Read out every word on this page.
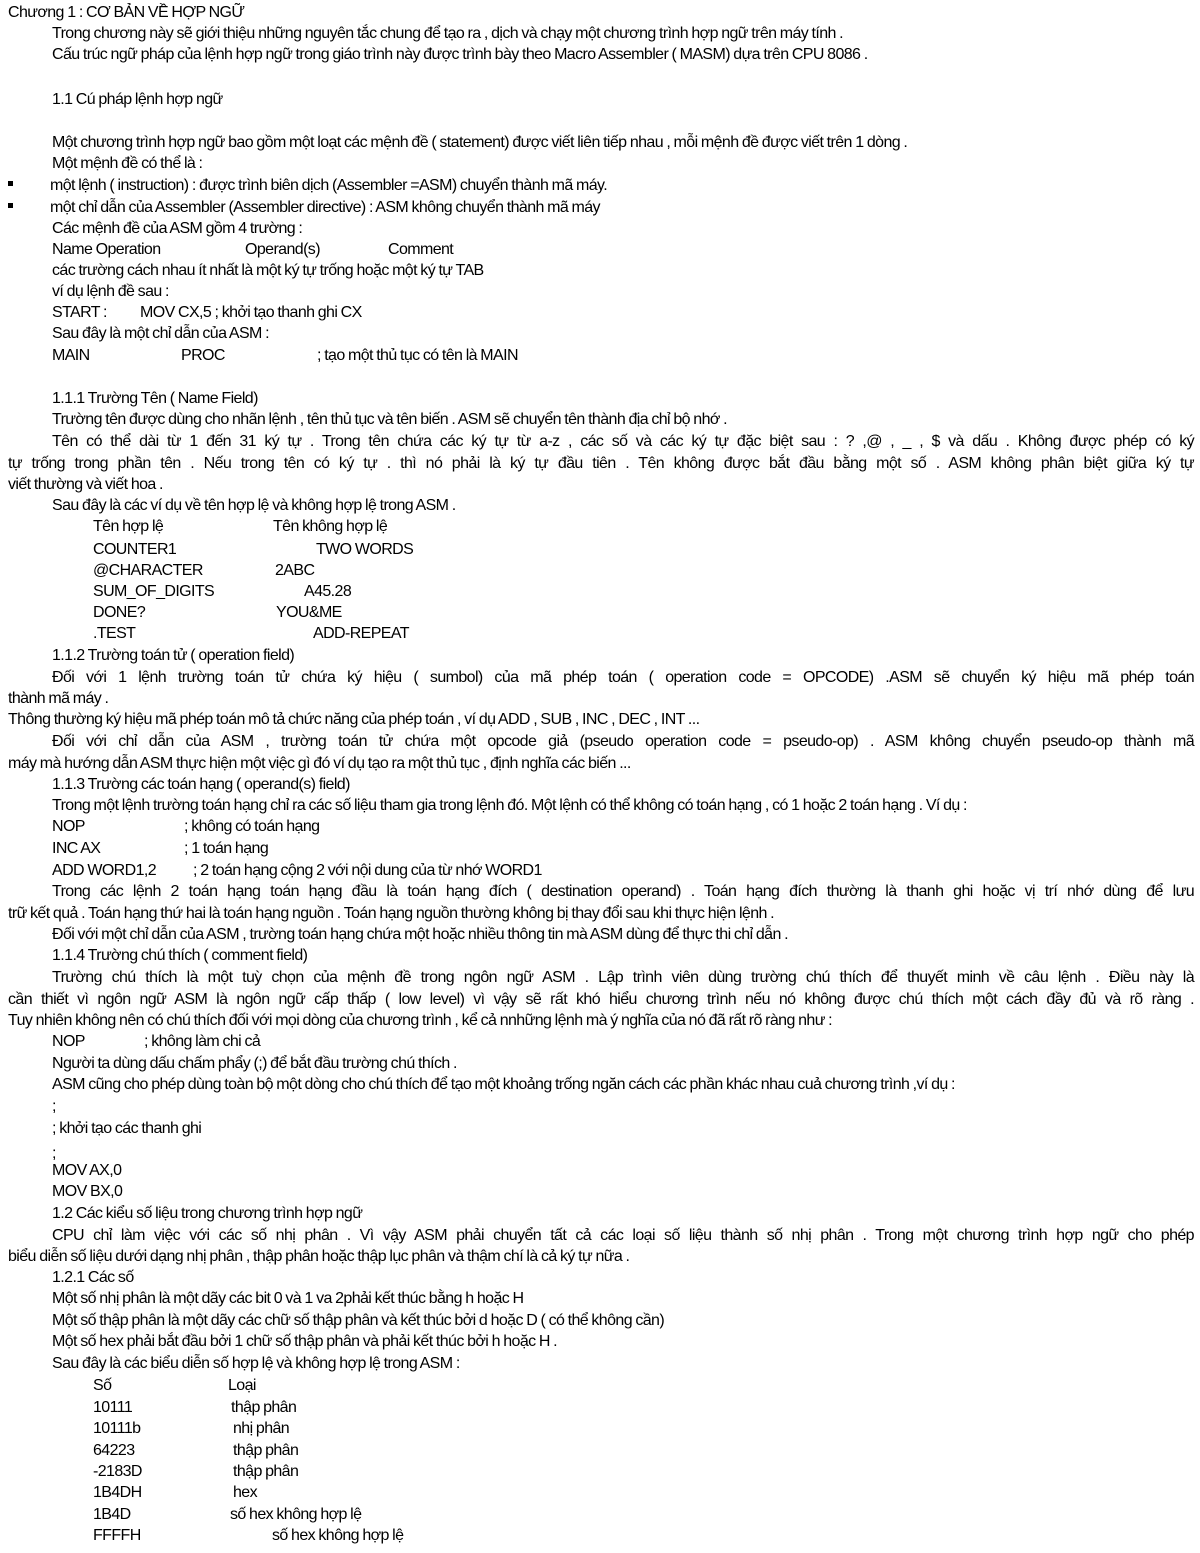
Chương 1 : CƠ BẢN VỀ HỢP NGỮ
Trong chương này sẽ giới thiệu những nguyên tắc chung để tạo ra , dịch và chạy một chương trình hợp ngữ trên máy tính .
Cấu trúc ngữ pháp của lệnh hợp ngữ trong giáo trình này được trình bày theo Macro Assembler ( MASM) dựa trên CPU 8086 .
1.1 Cú pháp lệnh hợp ngữ
Một chương trình hợp ngữ bao gồm một loạt các mệnh đề ( statement) được viết liên tiếp nhau , mỗi mệnh đề được viết trên 1 dòng .
Một mệnh đề có thể là :
một lệnh ( instruction) : được trình biên dịch (Assembler =ASM) chuyển thành mã máy.
một chỉ dẫn của Assembler (Assembler directive) : ASM không chuyển thành mã máy
Các mệnh đề của ASM gồm 4 trường :
Name Operation	Operand(s)	Comment
các trường cách nhau ít nhất là một ký tự trống hoặc một ký tự TAB
ví dụ lệnh đề sau :
START : MOV CX,5 ; khởi tạo thanh ghi CX
Sau đây là một chỉ dẫn của ASM :
MAIN	PROC	; tạo một thủ tục có tên là MAIN
1.1.1 Trường Tên ( Name Field)
Trường tên được dùng cho nhãn lệnh , tên thủ tục và tên biến . ASM sẽ chuyển tên thành địa chỉ bộ nhớ .
Tên có thể dài từ 1 đến 31 ký tự . Trong tên chứa các ký tự từ a-z , các số và các ký tự đặc biệt sau : ? ,@ , _ , $ và dấu . Không được phép có ký
tự trống trong phần tên . Nếu trong tên có ký tự . thì nó phải là ký tự đầu tiên . Tên không được bắt đầu bằng một số . ASM không phân biệt giữa ký tự
viết thường và viết hoa .
Sau đây là các ví dụ về tên hợp lệ và không hợp lệ trong ASM .
Tên hợp lệ	Tên không hợp lệ
COUNTER1	TWO WORDS
@CHARACTER	2ABC
SUM_OF_DIGITS	A45.28
DONE?	YOU&ME
.TEST	ADD-REPEAT
1.1.2 Trường toán tử ( operation field)
Đối với 1 lệnh trường toán tử chứa ký hiệu ( sumbol) của mã phép toán ( operation code = OPCODE) .ASM sẽ chuyển ký hiệu mã phép toán
thành mã máy .
Thông thường ký hiệu mã phép toán mô tả chức năng của phép toán , ví dụ ADD , SUB , INC , DEC , INT ...
Đối với chỉ dẫn của ASM , trường toán tử chứa một opcode giả (pseudo operation code = pseudo-op) . ASM không chuyển pseudo-op thành mã
máy mà hướng dẫn ASM thực hiện một việc gì đó ví dụ tạo ra một thủ tục , định nghĩa các biến ...
1.1.3 Trường các toán hạng ( operand(s) field)
Trong một lệnh trường toán hạng chỉ ra các số liệu tham gia trong lệnh đó. Một lệnh có thể không có toán hạng , có 1 hoặc 2 toán hạng . Ví dụ :
NOP	; không có toán hạng
INC AX	; 1 toán hạng
ADD WORD1,2 ; 2 toán hạng cộng 2 với nội dung của từ nhớ WORD1
Trong các lệnh 2 toán hạng toán hạng đầu là toán hạng đích ( destination operand) . Toán hạng đích thường là thanh ghi hoặc vị trí nhớ dùng để lưu
trữ kết quả . Toán hạng thứ hai là toán hạng nguồn . Toán hạng nguồn thường không bị thay đổi sau khi thực hiện lệnh .
Đối với một chỉ dẫn của ASM , trường toán hạng chứa một hoặc nhiều thông tin mà ASM dùng để thực thi chỉ dẫn .
1.1.4 Trường chú thích ( comment field)
Trường chú thích là một tuỳ chọn của mệnh đề trong ngôn ngữ ASM . Lập trình viên dùng trường chú thích để thuyết minh về câu lệnh . Điều này là
cần thiết vì ngôn ngữ ASM là ngôn ngữ cấp thấp ( low level) vì vậy sẽ rất khó hiểu chương trình nếu nó không được chú thích một cách đầy đủ và rõ ràng .
Tuy nhiên không nên có chú thích đối với mọi dòng của chương trình , kể cả nnhững lệnh mà ý nghĩa của nó đã rất rõ ràng như :
NOP	; không làm chi cả
Người ta dùng dấu chấm phẩy (;) để bắt đầu trường chú thích .
ASM cũng cho phép dùng toàn bộ một dòng cho chú thích để tạo một khoảng trống ngăn cách các phần khác nhau cuả chương trình ,ví dụ :
;
; khởi tạo các thanh ghi
;
MOV AX,0
MOV BX,0
1.2 Các kiểu số liệu trong chương trình hợp ngữ
CPU chỉ làm việc với các số nhị phân . Vì vậy ASM phải chuyển tất cả các loại số liệu thành số nhị phân . Trong một chương trình hợp ngữ cho phép
biểu diễn số liệu dưới dạng nhị phân , thập phân hoặc thập lục phân và thậm chí là cả ký tự nữa .
1.2.1 Các số
Một số nhị phân là một dãy các bit 0 và 1 va 2phải kết thúc bằng h hoặc H
Một số thập phân là một dãy các chữ số thập phân và kết thúc bởi d hoặc D ( có thể không cần)
Một số hex phải bắt đầu bởi 1 chữ số thập phân và phải kết thúc bởi h hoặc H .
Sau đây là các biểu diễn số hợp lệ và không hợp lệ trong ASM :
Số	Loại
10111	thập phân
10111b	nhị phân
64223	thập phân
-2183D	thập phân
1B4DH	hex
1B4D	số hex không hợp lệ
FFFFH	số hex không hợp lệ
